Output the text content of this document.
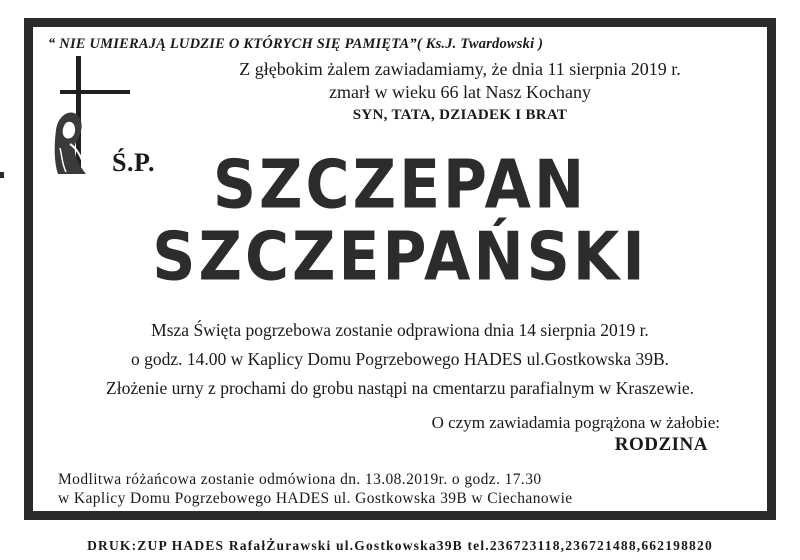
“ NIE UMIERAJĄ LUDZIE O KTÓRYCH SIĘ PAMIĘTA”( Ks.J. Twardowski )
Z głębokim żalem zawiadamiamy, że dnia 11 sierpnia 2019 r.
zmarł w wieku 66 lat Nasz Kochany
SYN, TATA, DZIADEK I BRAT
Ś.P. SZCZEPAN
SZCZEPAŃSKI
Msza Święta pogrzebowa zostanie odprawiona dnia 14 sierpnia 2019 r.
o godz. 14.00 w Kaplicy Domu Pogrzebowego HADES ul.Gostkowska 39B.
Złożenie urny z prochami do grobu nastąpi na cmentarzu parafialnym w Kraszewie.
O czym zawiadamia pogrążona w żałobie:
RODZINA
Modlitwa różańcowa zostanie odmówiona dn. 13.08.2019r. o godz. 17.30
w Kaplicy Domu Pogrzebowego HADES ul. Gostkowska 39B w Ciechanowie
DRUK:ZUP HADES RafałŻurawski ul.Gostkowska39B tel.236723118,236721488,662198820
